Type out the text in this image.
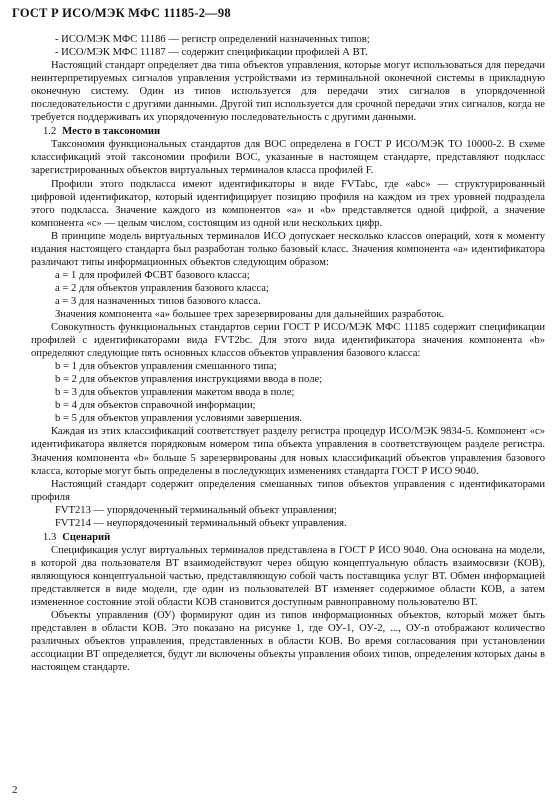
ГОСТ Р ИСО/МЭК МФС 11185-2—98

- ИСО/МЭК МФС 11186 — регистр определений назначенных типов;

- ИСО/МЭК МФС 11187 — содержит спецификации профилей А ВТ.

Настоящий стандарт определяет два типа объектов управления, которые могут использоваться для передачи неинтерпретируемых сигналов управления устройствами из терминальной оконечной системы в прикладную оконечную систему. Один из типов используется для передачи этих сигналов в упорядоченной последовательности с другими данными. Другой тип используется для срочной передачи этих сигналов, когда не требуется поддерживать их упорядоченную последовательность с другими данными.

1.2 Место в таксономии

Таксономия функциональных стандартов для ВОС определена в ГОСТ Р ИСО/МЭК ТО 10000-2. В схеме классификаций этой таксономии профили ВОС, указанные в настоящем стандарте, представляют подкласс зарегистрированных объектов виртуальных терминалов класса профилей F.

Профили этого подкласса имеют идентификаторы в виде FVTabc, где «abc» — структурированный цифровой идентификатор, который идентифицирует позицию профиля на каждом из трех уровней подраздела этого подкласса. Значение каждого из компонентов «a» и «b» представляется одной цифрой, а значение компонента «c» — целым числом, состоящим из одной или нескольких цифр.

В принципе модель виртуальных терминалов ИСО допускает несколько классов операций, хотя к моменту издания настоящего стандарта был разработан только базовый класс. Значения компонента «a» идентификатора различают типы информационных объектов следующим образом:

a = 1 для профилей ФСВТ базового класса;

a = 2 для объектов управления базового класса;

a = 3 для назначенных типов базового класса.

Значения компонента «a» большее трех зарезервированы для дальнейших разработок.

Совокупность функциональных стандартов серии ГОСТ Р ИСО/МЭК МФС 11185 содержит спецификации профилей с идентификаторами вида FVT2bc. Для этого вида идентификатора значения компонента «b» определяют следующие пять основных классов объектов управления базового класса:

b = 1 для объектов управления смешанного типа;

b = 2 для объектов управления инструкциями ввода в поле;

b = 3 для объектов управления макетом ввода в поле;

b = 4 для объектов справочной информации;

b = 5 для объектов управления условиями завершения.

Каждая из этих классификаций соответствует разделу регистра процедур ИСО/МЭК 9834-5. Компонент «c» идентификатора является порядковым номером типа объекта управления в соответствующем разделе регистра. Значения компонента «b» больше 5 зарезервированы для новых классификаций объектов управления базового класса, которые могут быть определены в последующих изменениях стандарта ГОСТ Р ИСО 9040.

Настоящий стандарт содержит определения смешанных типов объектов управления с идентификаторами профиля

FVT213 — упорядоченный терминальный объект управления;

FVT214 — неупорядоченный терминальный объект управления.

1.3 Сценарий

Спецификация услуг виртуальных терминалов представлена в ГОСТ Р ИСО 9040. Она основана на модели, в которой два пользователя ВТ взаимодействуют через общую концептуальную область взаимосвязи (КОВ), являющуюся концептуальной частью, представляющую собой часть поставщика услуг ВТ. Обмен информацией представляется в виде модели, где один из пользователей ВТ изменяет содержимое области КОВ, а затем измененное состояние этой области КОВ становится доступным равноправному пользователю ВТ.

Объекты управления (ОУ) формируют один из типов информационных объектов, который может быть представлен в области КОВ. Это показано на рисунке 1, где ОУ-1, ОУ-2, ..., ОУ-n отображают количество различных объектов управления, представленных в области КОВ. Во время согласования при установлении ассоциации ВТ определяется, будут ли включены объекты управления обоих типов, определения которых даны в настоящем стандарте.

2
